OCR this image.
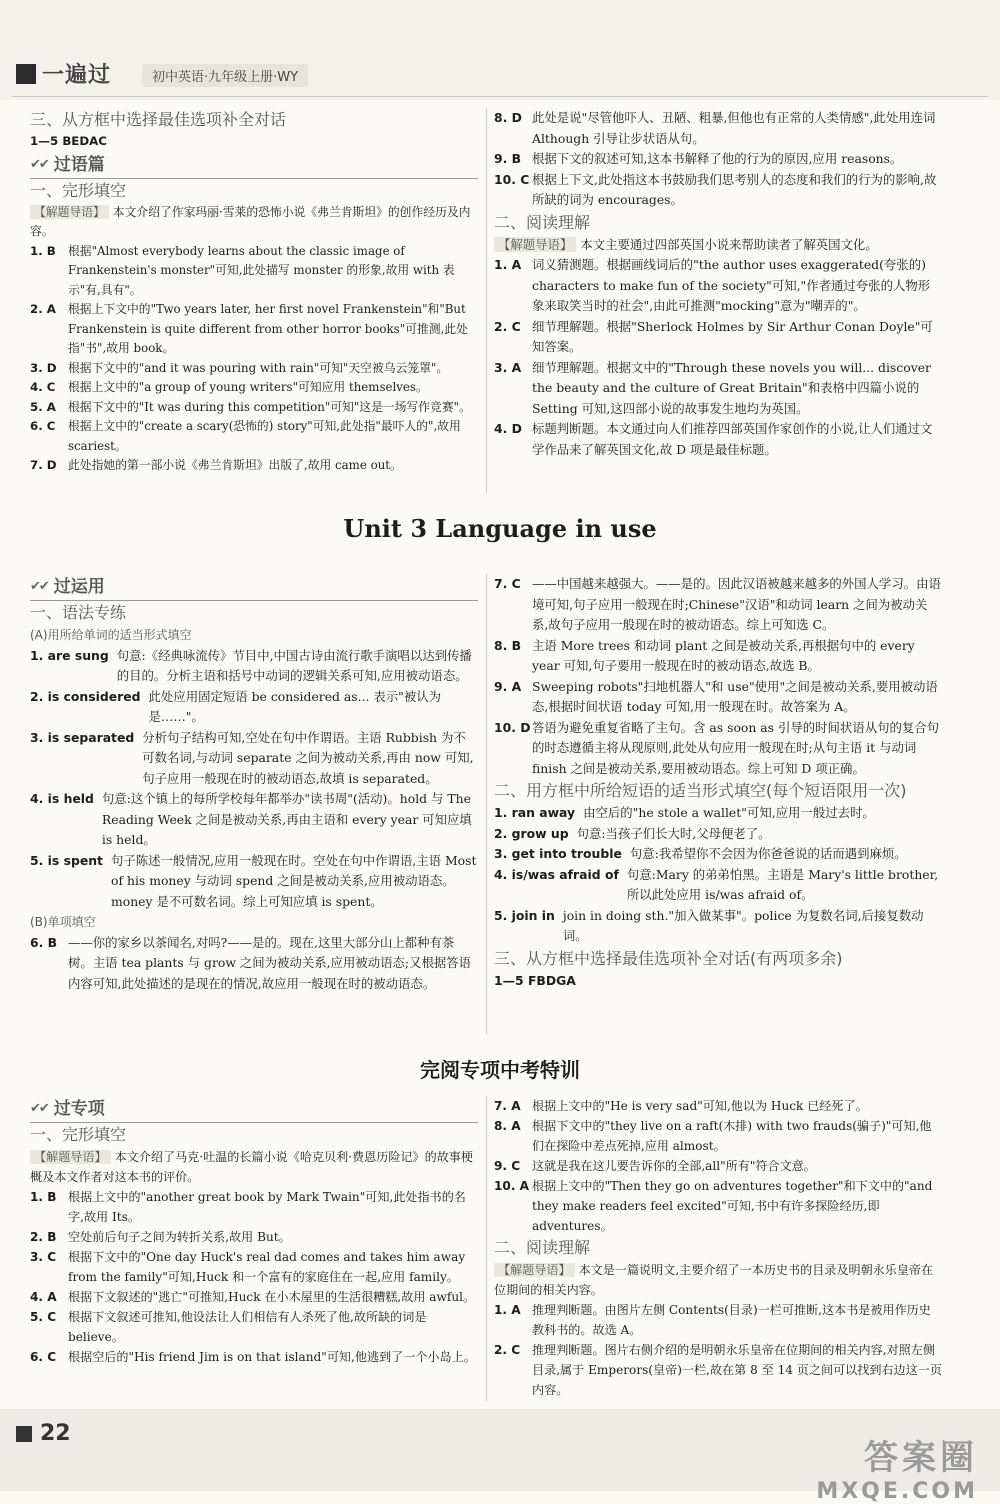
一遍过	初中英语·九年级上册·WY

三、从方框中选择最佳选项补全对话

1—5 BEDAC

✔✔ 过语篇

一、完形填空

【解题导语】 本文介绍了作家玛丽·雪莱的恐怖小说《弗兰肯斯坦》的创作经历及内容。

1. B	根据"Almost everybody learns about the classic image of Frankenstein's monster"可知,此处描写 monster 的形象,故用 with 表示"有,具有"。
2. A	根据上下文中的"Two years later, her first novel Frankenstein"和"But Frankenstein is quite different from other horror books"可推测,此处指"书",故用 book。
3. D 根据下文中的"and it was pouring with rain"可知"天空被乌云笼罩"。
4. C	根据上文中的"a group of young writers"可知应用 themselves。
5. A	根据下文中的"It was during this competition"可知"这是一场写作竞赛"。
6. C	根据上文中的"create a scary(恐怖的) story"可知,此处指"最吓人的",故用 scariest。
7. D 此处指她的第一部小说《弗兰肯斯坦》出版了,故用 came out。
8. D 此处是说"尽管他吓人、丑陋、粗暴,但他也有正常的人类情感",此处用连词 Although 引导让步状语从句。
9. B 根据下文的叙述可知,这本书解释了他的行为的原因,应用 reasons。
10. C 根据上下文,此处指这本书鼓励我们思考别人的态度和我们的行为的影响,故所缺的词为 encourages。

二、阅读理解

【解题导语】 本文主要通过四部英国小说来帮助读者了解英国文化。

1. A 词义猜测题。根据画线词后的"the author uses exaggerated(夸张的) characters to make fun of the society"可知,"作者通过夸张的人物形象来取笑当时的社会",由此可推测"mocking"意为"嘲弄的"。
2. C 细节理解题。根据"Sherlock Holmes by Sir Arthur Conan Doyle"可知答案。
3. A 细节理解题。根据文中的"Through these novels you will... discover the beauty and the culture of Great Britain"和表格中四篇小说的 Setting 可知,这四部小说的故事发生地均为英国。
4. D 标题判断题。本文通过向人们推荐四部英国作家创作的小说,让人们通过文学作品来了解英国文化,故 D 项是最佳标题。
Unit 3 Language in use
✔✔ 过运用

一、语法专练

(A)用所给单词的适当形式填空

1. are sung 句意:《经典咏流传》节目中,中国古诗由流行歌手演唱以达到传播的目的。分析主语和括号中动词的逻辑关系可知,应用被动语态。
2. is considered 此处应用固定短语 be considered as... 表示"被认为是……"。
3. is separated 分析句子结构可知,空处在句中作谓语。主语 Rubbish 为不可数名词,与动词 separate 之间为被动关系,再由 now 可知,句子应用一般现在时的被动语态,故填 is separated。
4. is held 句意:这个镇上的每所学校每年都举办"读书周"(活动)。hold 与 The Reading Week 之间是被动关系,再由主语和 every year 可知应填 is held。
5. is spent 句子陈述一般情况,应用一般现在时。空处在句中作谓语,主语 Most of his money 与动词 spend 之间是被动关系,应用被动语态。money 是不可数名词。综上可知应填 is spent。

(B)单项填空

6. B ——你的家乡以茶闻名,对吗?——是的。现在,这里大部分山上都种有茶树。主语 tea plants 与 grow 之间为被动关系,应用被动语态;又根据答语内容可知,此处描述的是现在的情况,故应用一般现在时的被动语态。
7. C ——中国越来越强大。——是的。因此汉语被越来越多的外国人学习。由语境可知,句子应用一般现在时;Chinese"汉语"和动词 learn 之间为被动关系,故句子应用一般现在时的被动语态。综上可知选 C。
8. B 主语 More trees 和动词 plant 之间是被动关系,再根据句中的 every year 可知,句子要用一般现在时的被动语态,故选 B。
9. A Sweeping robots"扫地机器人"和 use"使用"之间是被动关系,要用被动语态,根据时间状语 today 可知,用一般现在时。故答案为 A。
10. D 答语为避免重复省略了主句。含 as soon as 引导的时间状语从句的复合句的时态遵循主将从现原则,此处从句应用一般现在时;从句主语 it 与动词 finish 之间是被动关系,要用被动语态。综上可知 D 项正确。

二、用方框中所给短语的适当形式填空(每个短语限用一次)

1. ran away 由空后的"he stole a wallet"可知,应用一般过去时。
2. grow up 句意:当孩子们长大时,父母便老了。
3. get into trouble 句意:我希望你不会因为你爸爸说的话而遇到麻烦。
4. is/was afraid of 句意:Mary 的弟弟怕黑。主语是 Mary's little brother,所以此处应用 is/was afraid of。
5. join in join in doing sth."加入做某事"。police 为复数名词,后接复数动词。

三、从方框中选择最佳选项补全对话(有两项多余)

1—5 FBDGA

完阅专项中考特训
✔✔ 过专项

一、完形填空

【解题导语】 本文介绍了马克·吐温的长篇小说《哈克贝利·费恩历险记》的故事梗概及本文作者对这本书的评价。

1. B 根据上文中的"another great book by Mark Twain"可知,此处指书的名字,故用 Its。
2. B 空处前后句子之间为转折关系,故用 But。
3. C 根据下文中的"One day Huck's real dad comes and takes him away from the family"可知,Huck 和一个富有的家庭住在一起,应用 family。
4. A 根据下文叙述的"逃亡"可推知,Huck 在小木屋里的生活很糟糕,故用 awful。
5. C 根据下文叙述可推知,他设法让人们相信有人杀死了他,故所缺的词是 believe。
6. C 根据空后的"His friend Jim is on that island"可知,他逃到了一个小岛上。
7. A 根据上文中的"He is very sad"可知,他以为 Huck 已经死了。
8. A 根据下文中的"they live on a raft(木排) with two frauds(骗子)"可知,他们在探险中差点死掉,应用 almost。
9. C 这就是我在这儿要告诉你的全部,all"所有"符合文意。
10. A 根据上文中的"Then they go on adventures together"和下文中的"and they make readers feel excited"可知,书中有许多探险经历,即 adventures。

二、阅读理解

【解题导语】 本文是一篇说明文,主要介绍了一本历史书的目录及明朝永乐皇帝在位期间的相关内容。

1. A 推理判断题。由图片左侧 Contents(目录)一栏可推断,这本书是被用作历史教科书的。故选 A。
2. C 推理判断题。图片右侧介绍的是明朝永乐皇帝在位期间的相关内容,对照左侧目录,属于 Emperors(皇帝)一栏,故在第 8 至 14 页之间可以找到右边这一页内容。
22
答案圈
MXQE.COM
